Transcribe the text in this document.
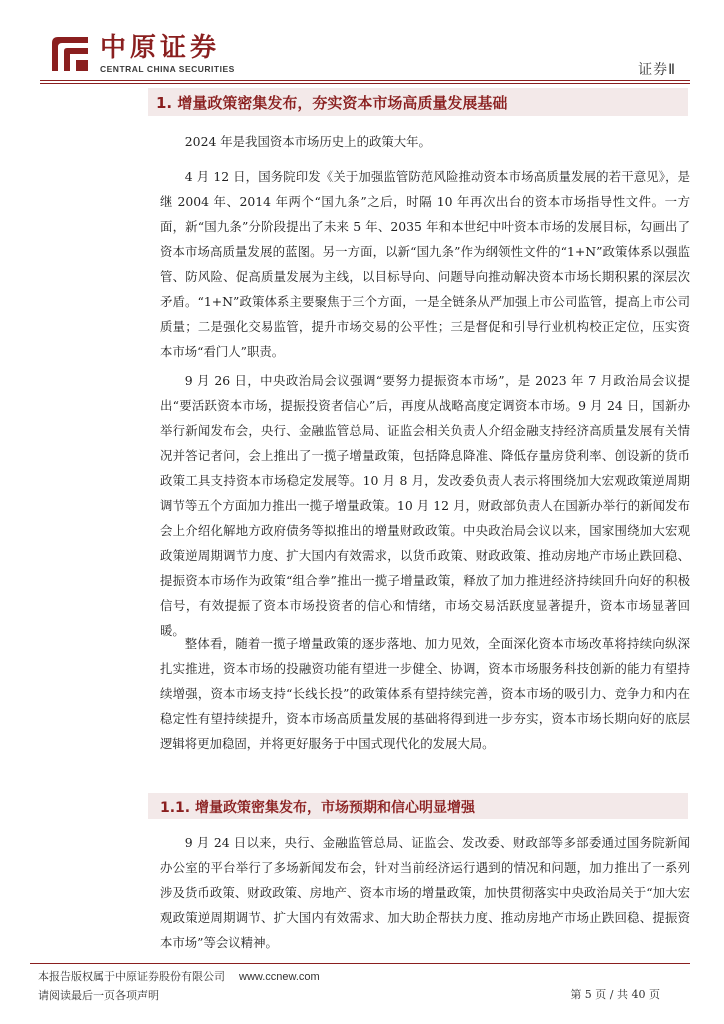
中原证券
CENTRAL CHINA SECURITIES	证券Ⅱ
1. 增量政策密集发布，夯实资本市场高质量发展基础

2024 年是我国资本市场历史上的政策大年。

4 月 12 日，国务院印发《关于加强监管防范风险推动资本市场高质量发展的若干意见》，是继 2004 年、2014 年两个“国九条”之后，时隔 10 年再次出台的资本市场指导性文件。一方面，新“国九条”分阶段提出了未来 5 年、2035 年和本世纪中叶资本市场的发展目标，勾画出了资本市场高质量发展的蓝图。另一方面，以新“国九条”作为纲领性文件的“1+N”政策体系以强监管、防风险、促高质量发展为主线，以目标导向、问题导向推动解决资本市场长期积累的深层次矛盾。“1+N”政策体系主要聚焦于三个方面，一是全链条从严加强上市公司监管，提高上市公司质量；二是强化交易监管，提升市场交易的公平性；三是督促和引导行业机构校正定位，压实资本市场“看门人”职责。

9 月 26 日，中央政治局会议强调“要努力提振资本市场”，是 2023 年 7 月政治局会议提出“要活跃资本市场，提振投资者信心”后，再度从战略高度定调资本市场。9 月 24 日，国新办举行新闻发布会，央行、金融监管总局、证监会相关负责人介绍金融支持经济高质量发展有关情况并答记者问，会上推出了一揽子增量政策，包括降息降准、降低存量房贷利率、创设新的货币政策工具支持资本市场稳定发展等。10 月 8 月，发改委负责人表示将围绕加大宏观政策逆周期调节等五个方面加力推出一揽子增量政策。10 月 12 月，财政部负责人在国新办举行的新闻发布会上介绍化解地方政府债务等拟推出的增量财政政策。中央政治局会议以来，国家围绕加大宏观政策逆周期调节力度、扩大国内有效需求，以货币政策、财政政策、推动房地产市场止跌回稳、提振资本市场作为政策“组合拳”推出一揽子增量政策，释放了加力推进经济持续回升向好的积极信号，有效提振了资本市场投资者的信心和情绪，市场交易活跃度显著提升，资本市场显著回暖。

整体看，随着一揽子增量政策的逐步落地、加力见效，全面深化资本市场改革将持续向纵深扎实推进，资本市场的投融资功能有望进一步健全、协调，资本市场服务科技创新的能力有望持续增强，资本市场支持“长线长投”的政策体系有望持续完善，资本市场的吸引力、竞争力和内在稳定性有望持续提升，资本市场高质量发展的基础将得到进一步夯实，资本市场长期向好的底层逻辑将更加稳固，并将更好服务于中国式现代化的发展大局。

1.1. 增量政策密集发布，市场预期和信心明显增强

9 月 24 日以来，央行、金融监管总局、证监会、发改委、财政部等多部委通过国务院新闻办公室的平台举行了多场新闻发布会，针对当前经济运行遇到的情况和问题，加力推出了一系列涉及货币政策、财政政策、房地产、资本市场的增量政策，加快贯彻落实中央政治局关于“加大宏观政策逆周期调节、扩大国内有效需求、加大助企帮扶力度、推动房地产市场止跌回稳、提振资本市场”等会议精神。

本报告版权属于中原证券股份有限公司 www.ccnew.com
请阅读最后一页各项声明	第 5 页 / 共 40 页
